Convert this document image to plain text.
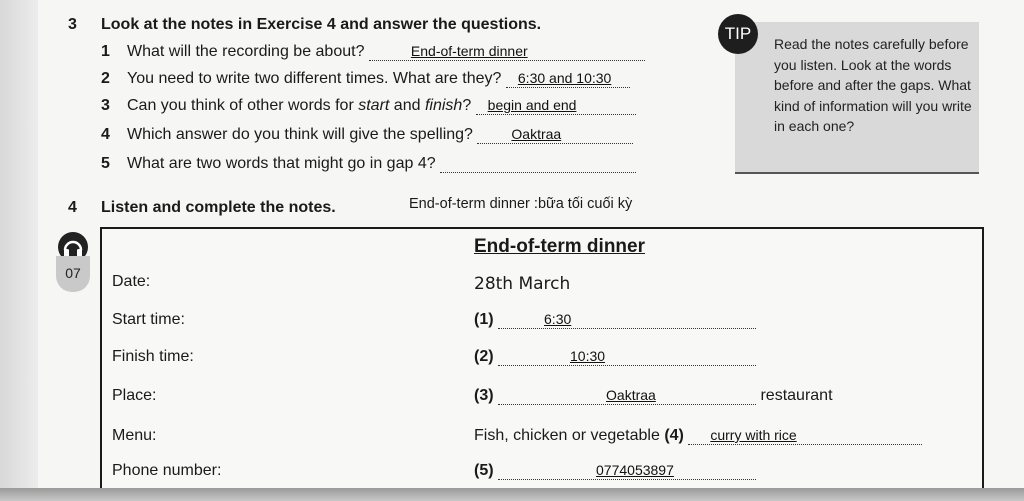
3 Look at the notes in Exercise 4 and answer the questions.
1 What will the recording be about?	End-of-term dinner
2 You need to write two different times. What are they? 6:30 and 10:30
3 Can you think of other words for start and finish? begin and end
4 Which answer do you think will give the spelling?	Oaktraa
5 What are two words that might go in gap 4?
TIP
Read the notes carefully before you listen. Look at the words before and after the gaps. What kind of information will you write in each one?
4 Listen and complete the notes.	End-of-term dinner :bữa tối cuối kỳ
07
End-of-term dinner
Date:	28th March
Start time:	(1)	6:30
Finish time:	(2)	10:30
Place:	(3)	Oaktraa	restaurant
Menu:	Fish, chicken or vegetable (4) curry with rice
Phone number:	(5)	0774053897
